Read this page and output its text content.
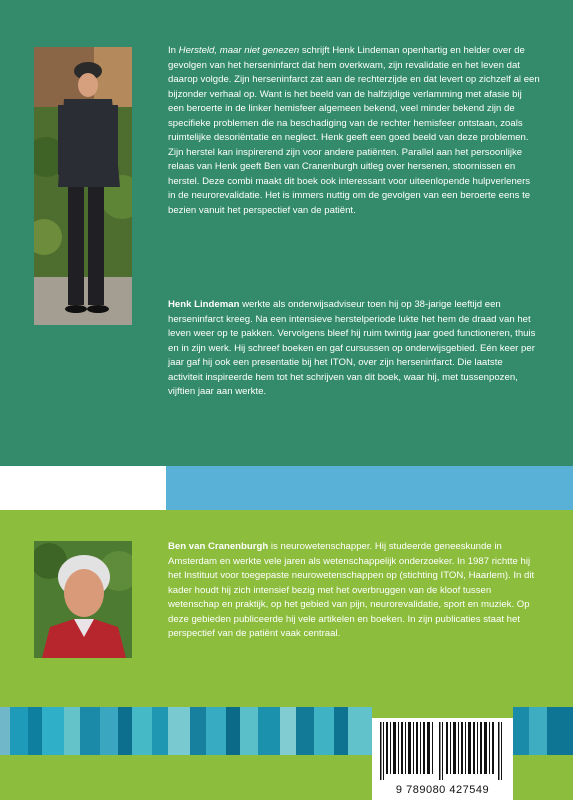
In Hersteld, maar niet genezen schrijft Henk Lindeman openhartig en helder over de gevolgen van het herseninfarct dat hem overkwam, zijn revalidatie en het leven dat daarop volgde. Zijn herseninfarct zat aan de rechterzijde en dat levert op zichzelf al een bijzonder verhaal op. Want is het beeld van de halfzijdige verlamming met afasie bij een beroerte in de linker hemisfeer algemeen bekend, veel minder bekend zijn de specifieke problemen die na beschadiging van de rechter hemisfeer ontstaan, zoals ruimtelijke desoriëntatie en neglect. Henk geeft een goed beeld van deze problemen. Zijn herstel kan inspirerend zijn voor andere patiënten. Parallel aan het persoonlijke relaas van Henk geeft Ben van Cranenburgh uitleg over hersenen, stoornissen en herstel. Deze combi maakt dit boek ook interessant voor uiteenlopende hulpverleners in de neurorevalidatie. Het is immers nuttig om de gevolgen van een beroerte eens te bezien vanuit het perspectief van de patiënt.

Henk Lindeman werkte als onderwijsadviseur toen hij op 38-jarige leeftijd een herseninfarct kreeg. Na een intensieve herstelperiode lukte het hem de draad van het leven weer op te pakken. Vervolgens bleef hij ruim twintig jaar goed functioneren, thuis en in zijn werk. Hij schreef boeken en gaf cursussen op onderwijsgebied. Eén keer per jaar gaf hij ook een presentatie bij het ITON, over zijn herseninfarct. Die laatste activiteit inspireerde hem tot het schrijven van dit boek, waar hij, met tussenpozen, vijftien jaar aan werkte.

Ben van Cranenburgh is neurowetenschapper. Hij studeerde geneeskunde in Amsterdam en werkte vele jaren als wetenschappelijk onderzoeker. In 1987 richtte hij het Instituut voor toegepaste neurowetenschappen op (stichting ITON, Haarlem). In dit kader houdt hij zich intensief bezig met het overbruggen van de kloof tussen wetenschap en praktijk, op het gebied van pijn, neurorevalidatie, sport en muziek. Op deze gebieden publiceerde hij vele artikelen en boeken. In zijn publicaties staat het perspectief van de patiënt vaak centraal.

9 789080 427549
